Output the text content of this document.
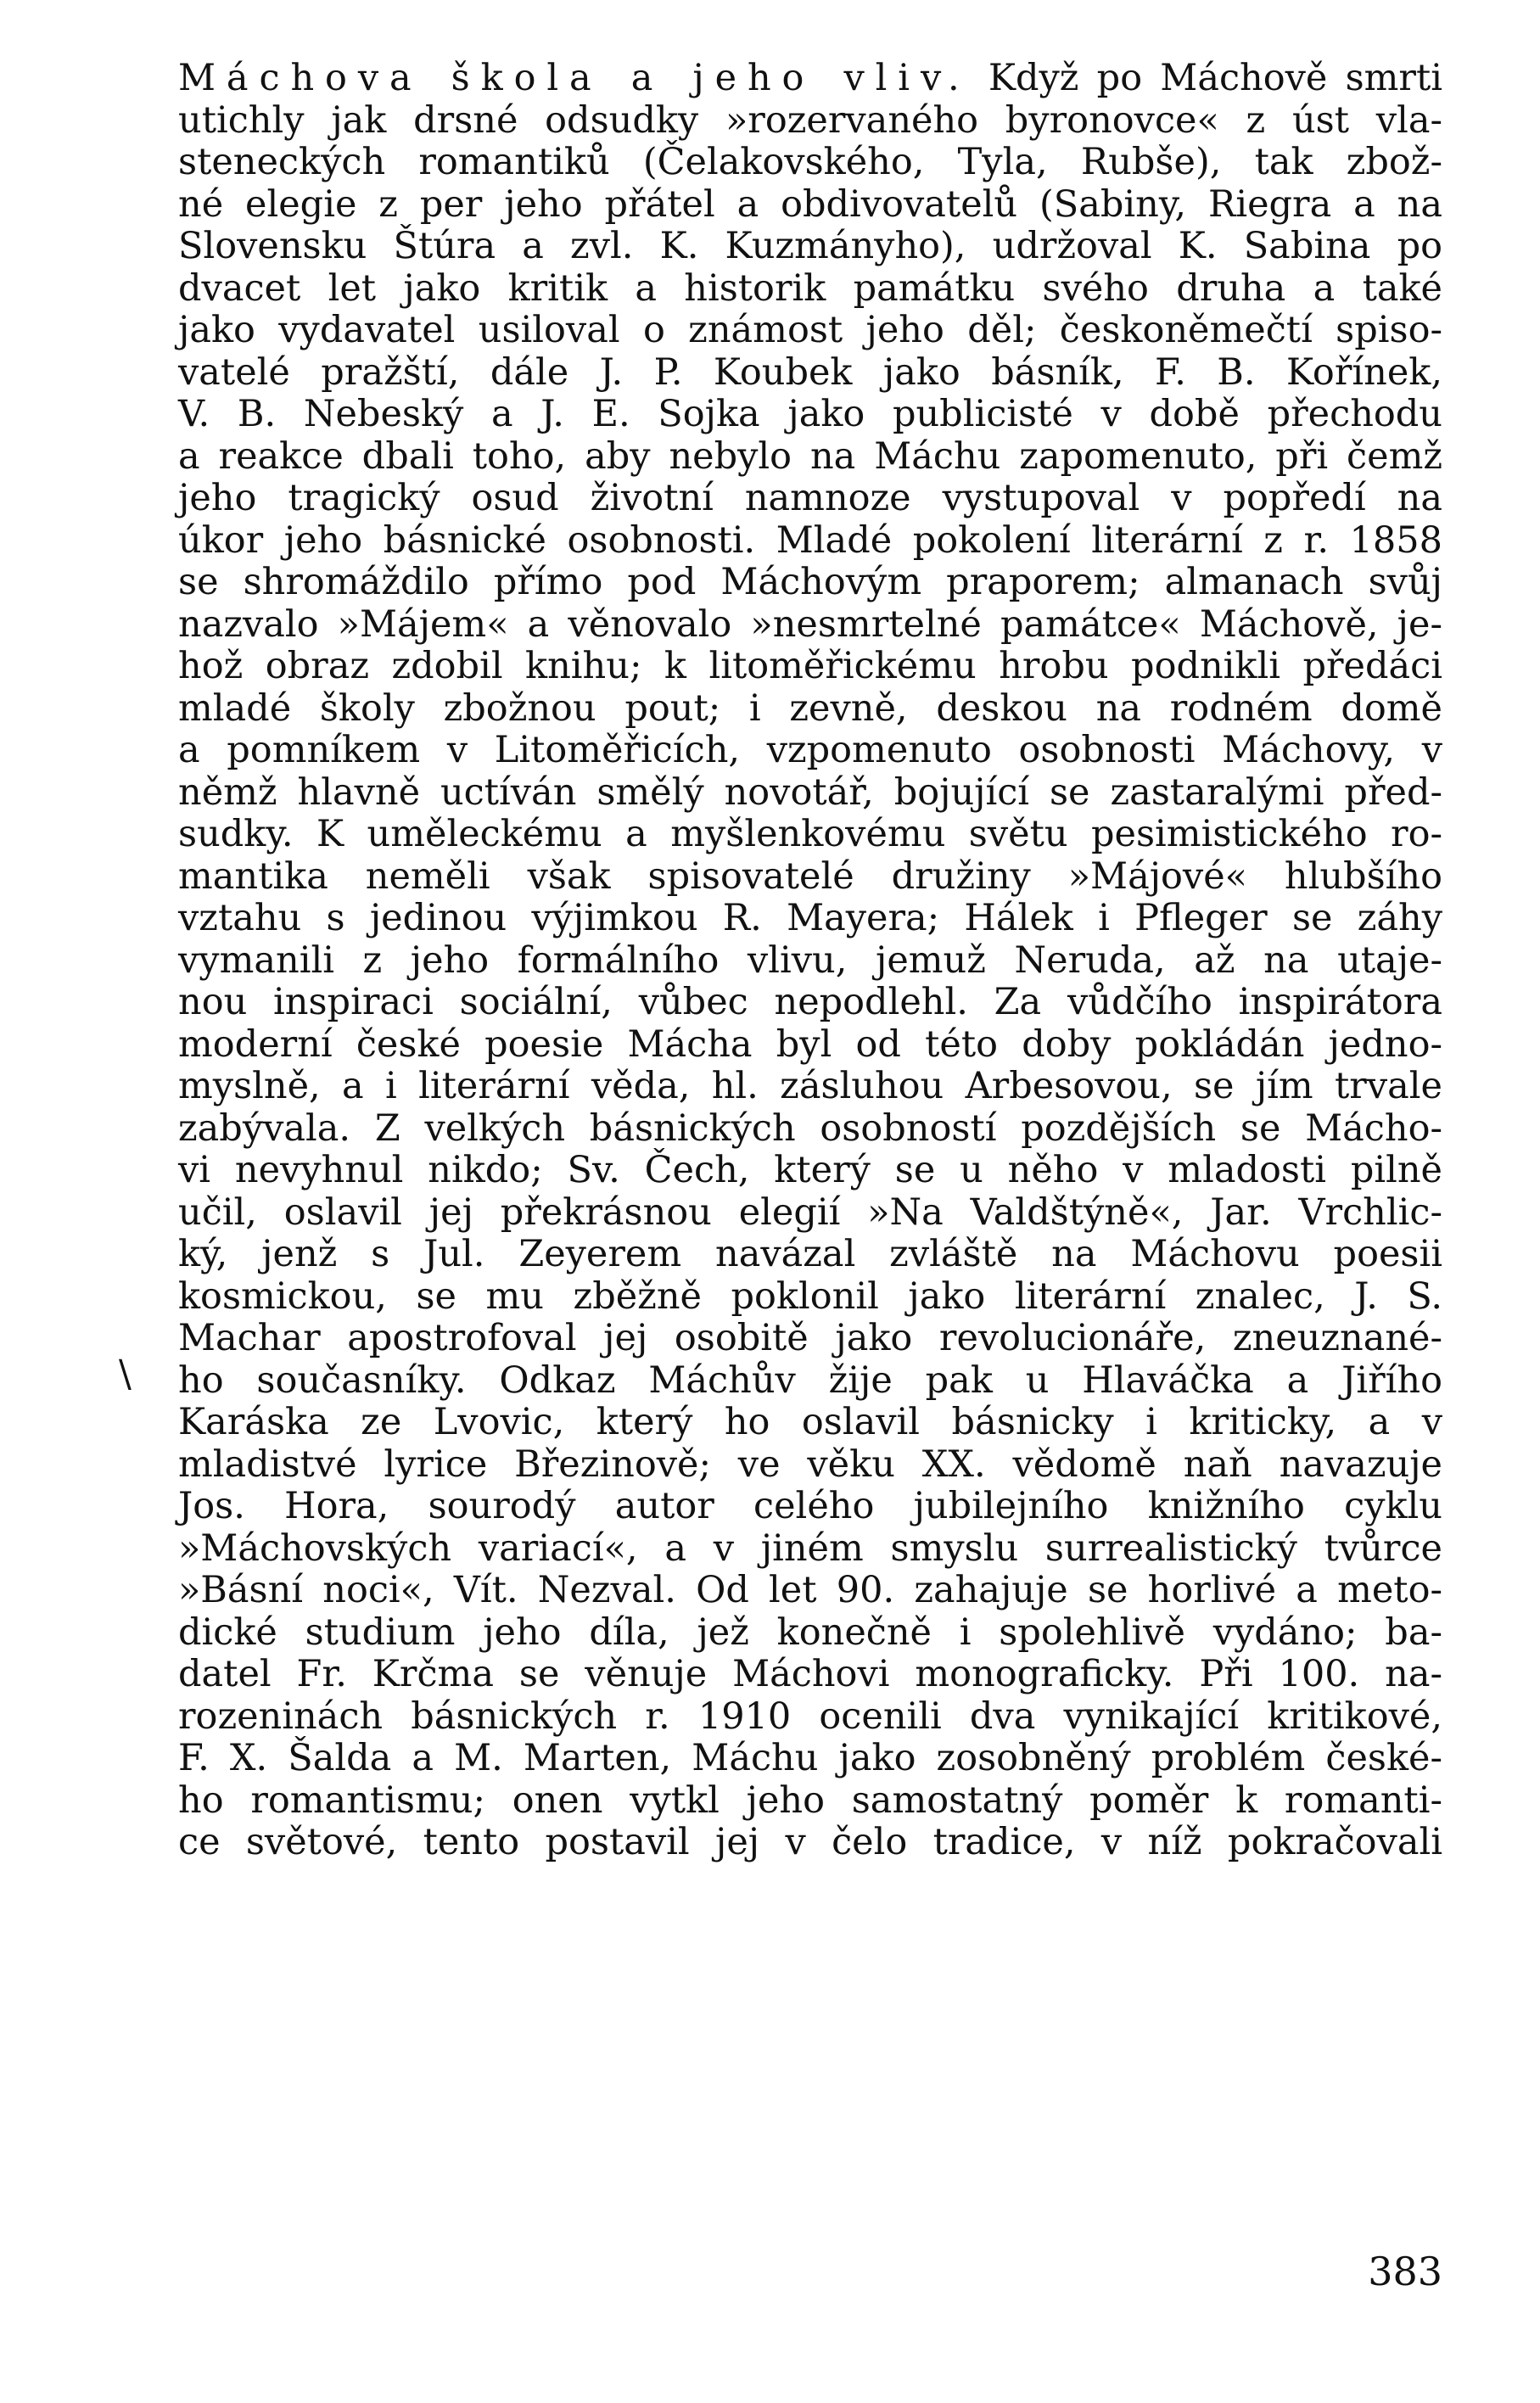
Máchova škola a jeho vliv. Když po Máchově smrti
utichly jak drsné odsudky »rozervaného byronovce« z úst vla-
steneckých romantiků (Čelakovského, Tyla, Rubše), tak zbož-
né elegie z per jeho přátel a obdivovatelů (Sabiny, Riegra a na
Slovensku Štúra a zvl. K. Kuzmányho), udržoval K. Sabina po
dvacet let jako kritik a historik památku svého druha a také
jako vydavatel usiloval o známost jeho děl; českoněmečtí spiso-
vatelé pražští, dále J. P. Koubek jako básník, F. B. Kořínek,
V. B. Nebeský a J. E. Sojka jako publicisté v době přechodu
a reakce dbali toho, aby nebylo na Máchu zapomenuto, při čemž
jeho tragický osud životní namnoze vystupoval v popředí na
úkor jeho básnické osobnosti. Mladé pokolení literární z r. 1858
se shromáždilo přímo pod Máchovým praporem; almanach svůj
nazvalo »Májem« a věnovalo »nesmrtelné památce« Máchově, je-
hož obraz zdobil knihu; k litoměřickému hrobu podnikli předáci
mladé školy zbožnou pout; i zevně, deskou na rodném domě
a pomníkem v Litoměřicích, vzpomenuto osobnosti Máchovy, v
němž hlavně uctíván smělý novotář, bojující se zastaralými před-
sudky. K uměleckému a myšlenkovému světu pesimistického ro-
mantika neměli však spisovatelé družiny »Májové« hlubšího
vztahu s jedinou výjimkou R. Mayera; Hálek i Pfleger se záhy
vymanili z jeho formálního vlivu, jemuž Neruda, až na utaje-
nou inspiraci sociální, vůbec nepodlehl. Za vůdčího inspirátora
moderní české poesie Mácha byl od této doby pokládán jedno-
myslně, a i literární věda, hl. zásluhou Arbesovou, se jím trvale
zabývala. Z velkých básnických osobností pozdějších se Mácho-
vi nevyhnul nikdo; Sv. Čech, který se u něho v mladosti pilně
učil, oslavil jej překrásnou elegií »Na Valdštýně«, Jar. Vrchlic-
ký, jenž s Jul. Zeyerem navázal zvláště na Máchovu poesii
kosmickou, se mu zběžně poklonil jako literární znalec, J. S.
Machar apostrofoval jej osobitě jako revolucionáře, zneuznané-
ho současníky. Odkaz Máchův žije pak u Hlaváčka a Jiřího
Karáska ze Lvovic, který ho oslavil básnicky i kriticky, a v
mladistvé lyrice Březinově; ve věku XX. vědomě naň navazuje
Jos. Hora, sourodý autor celého jubilejního knižního cyklu
»Máchovských variací«, a v jiném smyslu surrealistický tvůrce
»Básní noci«, Vít. Nezval. Od let 90. zahajuje se horlivé a meto-
dické studium jeho díla, jež konečně i spolehlivě vydáno; ba-
datel Fr. Krčma se věnuje Máchovi monograficky. Při 100. na-
rozeninách básnických r. 1910 ocenili dva vynikající kritikové,
F. X. Šalda a M. Marten, Máchu jako zosobněný problém české-
ho romantismu; onen vytkl jeho samostatný poměr k romanti-
ce světové, tento postavil jej v čelo tradice, v níž pokračovali
\
383
